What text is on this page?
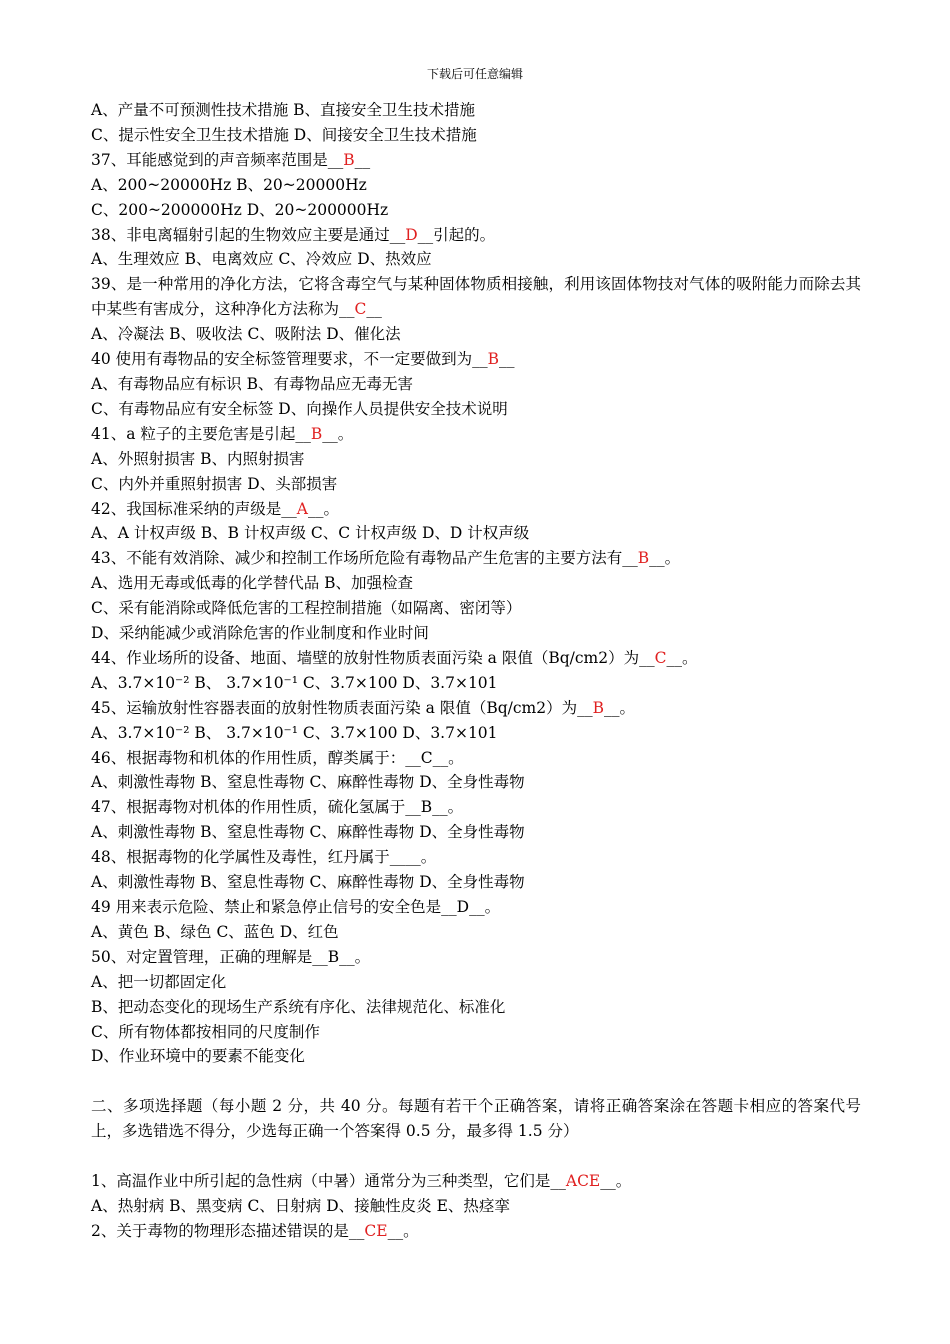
下载后可任意编辑
A、产量不可预测性技术措施 B、直接安全卫生技术措施
C、提示性安全卫生技术措施 D、间接安全卫生技术措施
37、耳能感觉到的声音频率范围是__B__
A、200~20000Hz B、20~20000Hz
C、200~200000Hz D、20~200000Hz
38、非电离辐射引起的生物效应主要是通过__D__引起的。
A、生理效应 B、电离效应 C、冷效应 D、热效应
39、是一种常用的净化方法，它将含毒空气与某种固体物质相接触，利用该固体物技对气体的吸附能力而除去其中某些有害成分，这种净化方法称为__C__
A、冷凝法 B、吸收法 C、吸附法 D、催化法
40 使用有毒物品的安全标签管理要求，不一定要做到为__B__
A、有毒物品应有标识 B、有毒物品应无毒无害
C、有毒物品应有安全标签 D、向操作人员提供安全技术说明
41、a 粒子的主要危害是引起__B__。
A、外照射损害 B、内照射损害
C、内外并重照射损害 D、头部损害
42、我国标准采纳的声级是__A__。
A、A 计权声级 B、B 计权声级 C、C 计权声级 D、D 计权声级
43、不能有效消除、减少和控制工作场所危险有毒物品产生危害的主要方法有__B__。
A、选用无毒或低毒的化学替代品 B、加强检查
C、采有能消除或降低危害的工程控制措施（如隔离、密闭等）
D、采纳能减少或消除危害的作业制度和作业时间
44、作业场所的设备、地面、墙壁的放射性物质表面污染 a 限值（Bq/cm2）为__C__。
A、3.7×10⁻² B、 3.7×10⁻¹ C、3.7×100 D、3.7×101
45、运输放射性容器表面的放射性物质表面污染 a 限值（Bq/cm2）为__B__。
A、3.7×10⁻² B、 3.7×10⁻¹ C、3.7×100 D、3.7×101
46、根据毒物和机体的作用性质，醇类属于：__C__。
A、刺激性毒物 B、窒息性毒物 C、麻醉性毒物 D、全身性毒物
47、根据毒物对机体的作用性质，硫化氢属于__B__。
A、刺激性毒物 B、窒息性毒物 C、麻醉性毒物 D、全身性毒物
48、根据毒物的化学属性及毒性，红丹属于____。
A、刺激性毒物 B、窒息性毒物 C、麻醉性毒物 D、全身性毒物
49 用来表示危险、禁止和紧急停止信号的安全色是__D__。
A、黄色 B、绿色 C、蓝色 D、红色
50、对定置管理，正确的理解是__B__。
A、把一切都固定化
B、把动态变化的现场生产系统有序化、法律规范化、标准化
C、所有物体都按相同的尺度制作
D、作业环境中的要素不能变化
二、多项选择题（每小题 2 分，共 40 分。每题有若干个正确答案，请将正确答案涂在答题卡相应的答案代号上，多选错选不得分，少选每正确一个答案得 0.5 分，最多得 1.5 分）
1、高温作业中所引起的急性病（中暑）通常分为三种类型，它们是__ACE__。
A、热射病 B、黑变病 C、日射病 D、接触性皮炎 E、热痉挛
2、关于毒物的物理形态描述错误的是__CE__。
